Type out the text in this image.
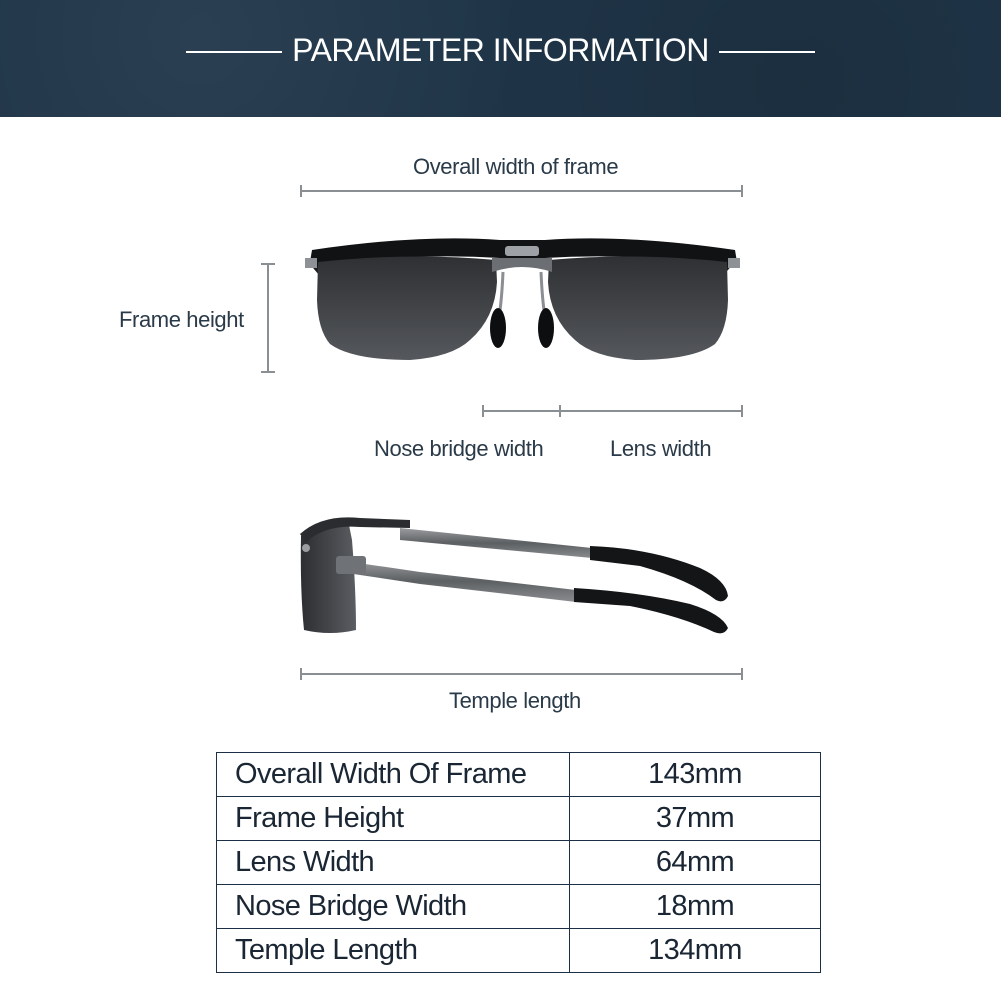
PARAMETER INFORMATION
Overall width of frame
Frame height
Nose bridge width	Lens width
Temple length
Overall Width Of Frame	143mm
Frame Height	37mm
Lens Width	64mm
Nose Bridge Width	18mm
Temple Length	134mm
